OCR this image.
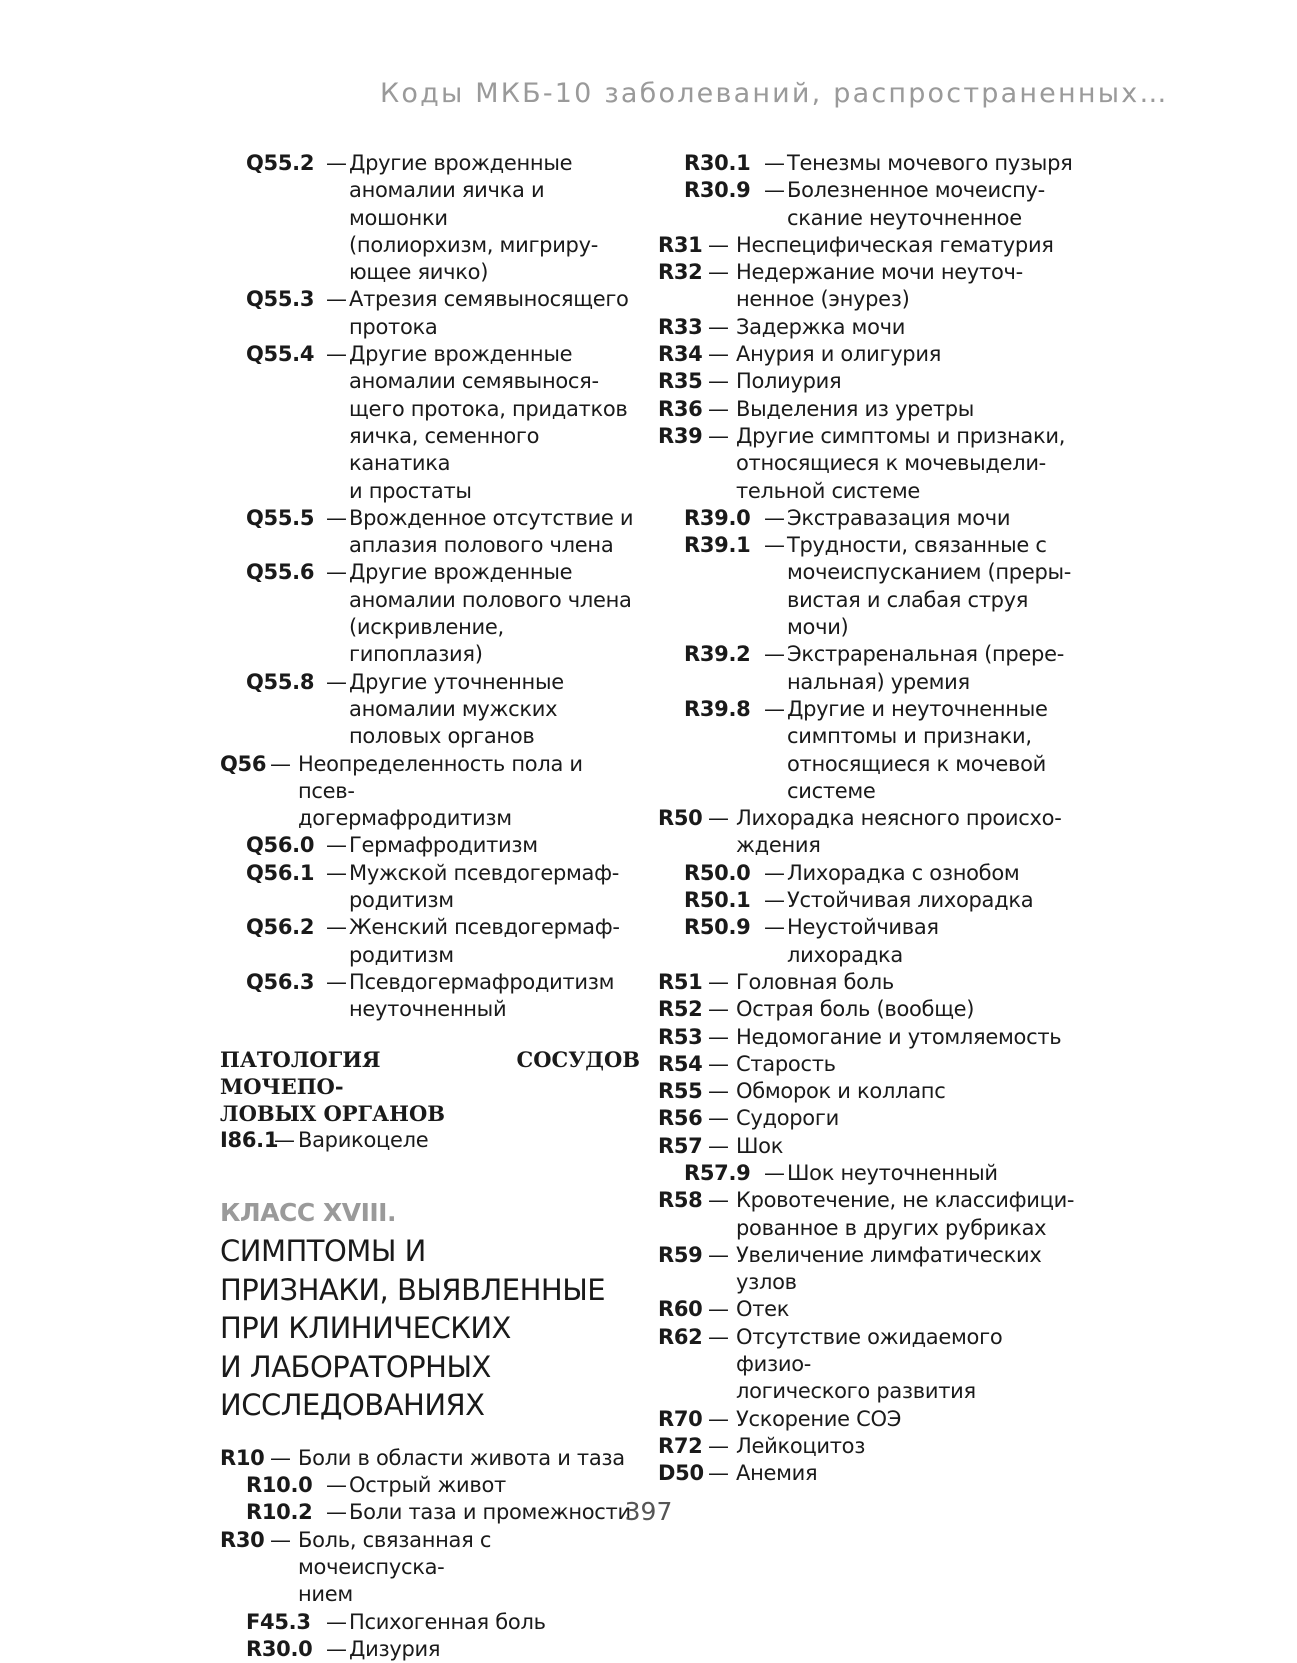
Коды МКБ-10 заболеваний, распространенных…
Q55.2 — Другие врожденные
аномалии яичка и мошонки
(полиорхизм, мигриру-
ющее яичко)
Q55.3 — Атрезия семявыносящего
протока
Q55.4 — Другие врожденные
аномалии семявынося-
щего протока, придатков
яичка, семенного канатика
и простаты
Q55.5 — Врожденное отсутствие и
аплазия полового члена
Q55.6 — Другие врожденные
аномалии полового члена
(искривление, гипоплазия)
Q55.8 — Другие уточненные
аномалии мужских
половых органов
Q56 — Неопределенность пола и псев-
догермафродитизм
Q56.0 — Гермафродитизм
Q56.1 — Мужской псевдогермаф-
родитизм
Q56.2 — Женский псевдогермаф-
родитизм
Q56.3 — Псевдогермафродитизм
неуточненный
ПАТОЛОГИЯ СОСУДОВ МОЧЕПО-
ЛОВЫХ ОРГАНОВ
I86.1
— Варикоцеле
КЛАСС XVIII.
СИМПТОМЫ И
ПРИЗНАКИ, ВЫЯВЛЕННЫЕ
ПРИ КЛИНИЧЕСКИХ
И ЛАБОРАТОРНЫХ
ИССЛЕДОВАНИЯХ
R10 — Боли в области живота и таза
R10.0 — Острый живот
R10.2 — Боли таза и промежности
R30 — Боль, связанная с мочеиспуска-
нием
F45.3 — Психогенная боль
R30.0 — Дизурия
R30.1 — Тенезмы мочевого пузыря
R30.9 — Болезненное мочеиспу-
скание неуточненное
R31 — Неспецифическая гематурия
R32 — Недержание мочи неуточ-
ненное (энурез)
R33 — Задержка мочи
R34 — Анурия и олигурия
R35 — Полиурия
R36 — Выделения из уретры
R39 — Другие симптомы и признаки,
относящиеся к мочевыдели-
тельной системе
R39.0 — Экстравазация мочи
R39.1 — Трудности, связанные с
мочеиспусканием (преры-
вистая и слабая струя
мочи)
R39.2 — Экстраренальная (прере-
нальная) уремия
R39.8 — Другие и неуточненные
симптомы и признаки,
относящиеся к мочевой
системе
R50 — Лихорадка неясного происхо-
ждения
R50.0 — Лихорадка с ознобом
R50.1 — Устойчивая лихорадка
R50.9 — Неустойчивая
лихорадка
R51 — Головная боль
R52 — Острая боль (вообще)
R53 — Недомогание и утомляемость
R54 — Старость
R55 — Обморок и коллапс
R56 — Судороги
R57 — Шок
R57.9 — Шок неуточненный
R58 — Кровотечение, не классифици-
рованное в других рубриках
R59 — Увеличение лимфатических
узлов
R60 — Отек
R62 — Отсутствие ожидаемого физио-
логического развития
R70 — Ускорение СОЭ
R72 — Лейкоцитоз
D50 — Анемия
397
